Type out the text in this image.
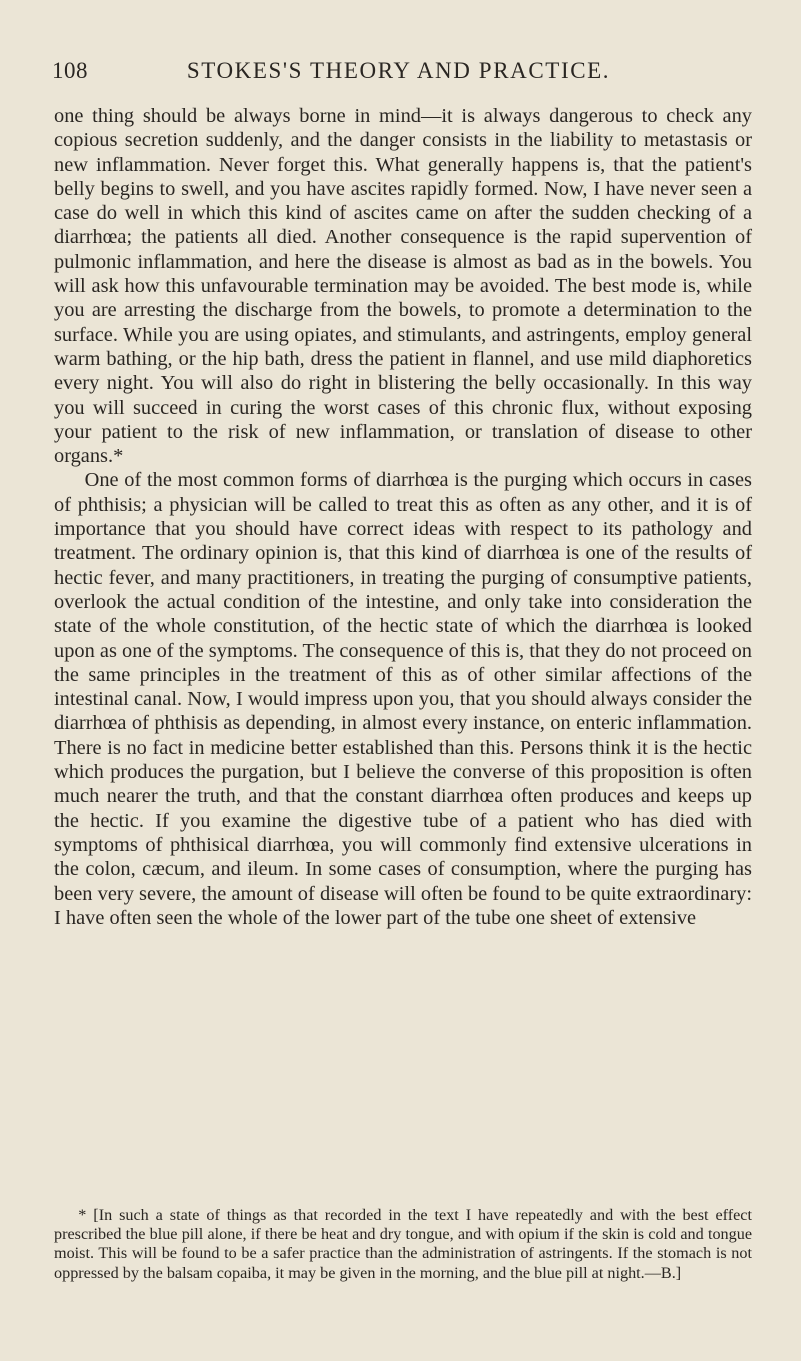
108	STOKES'S THEORY AND PRACTICE.

one thing should be always borne in mind—it is always dangerous to check any copious secretion suddenly, and the danger consists in the liability to metastasis or new inflammation. Never forget this. What generally happens is, that the patient's belly begins to swell, and you have ascites rapidly formed. Now, I have never seen a case do well in which this kind of ascites came on after the sudden checking of a diarrhœa; the patients all died. Another consequence is the rapid supervention of pulmonic inflammation, and here the disease is almost as bad as in the bowels. You will ask how this unfavourable termination may be avoided. The best mode is, while you are arresting the discharge from the bowels, to promote a determination to the surface. While you are using opiates, and stimulants, and astringents, employ general warm bathing, or the hip bath, dress the patient in flannel, and use mild diaphoretics every night. You will also do right in blistering the belly occasionally. In this way you will succeed in curing the worst cases of this chronic flux, without exposing your patient to the risk of new inflammation, or translation of disease to other organs.*

One of the most common forms of diarrhœa is the purging which occurs in cases of phthisis; a physician will be called to treat this as often as any other, and it is of importance that you should have correct ideas with respect to its pathology and treatment. The ordinary opinion is, that this kind of diarrhœa is one of the results of hectic fever, and many practitioners, in treating the purging of consumptive patients, overlook the actual condition of the intestine, and only take into consideration the state of the whole constitution, of the hectic state of which the diarrhœa is looked upon as one of the symptoms. The consequence of this is, that they do not proceed on the same principles in the treatment of this as of other similar affections of the intestinal canal. Now, I would impress upon you, that you should always consider the diarrhœa of phthisis as depending, in almost every instance, on enteric inflammation. There is no fact in medicine better established than this. Persons think it is the hectic which produces the purgation, but I believe the converse of this proposition is often much nearer the truth, and that the constant diarrhœa often produces and keeps up the hectic. If you examine the digestive tube of a patient who has died with symptoms of phthisical diarrhœa, you will commonly find extensive ulcerations in the colon, cæcum, and ileum. In some cases of consumption, where the purging has been very severe, the amount of disease will often be found to be quite extraordinary: I have often seen the whole of the lower part of the tube one sheet of extensive

* [In such a state of things as that recorded in the text I have repeatedly and with the best effect prescribed the blue pill alone, if there be heat and dry tongue, and with opium if the skin is cold and tongue moist. This will be found to be a safer practice than the administration of astringents. If the stomach is not oppressed by the balsam copaiba, it may be given in the morning, and the blue pill at night.—B.]
